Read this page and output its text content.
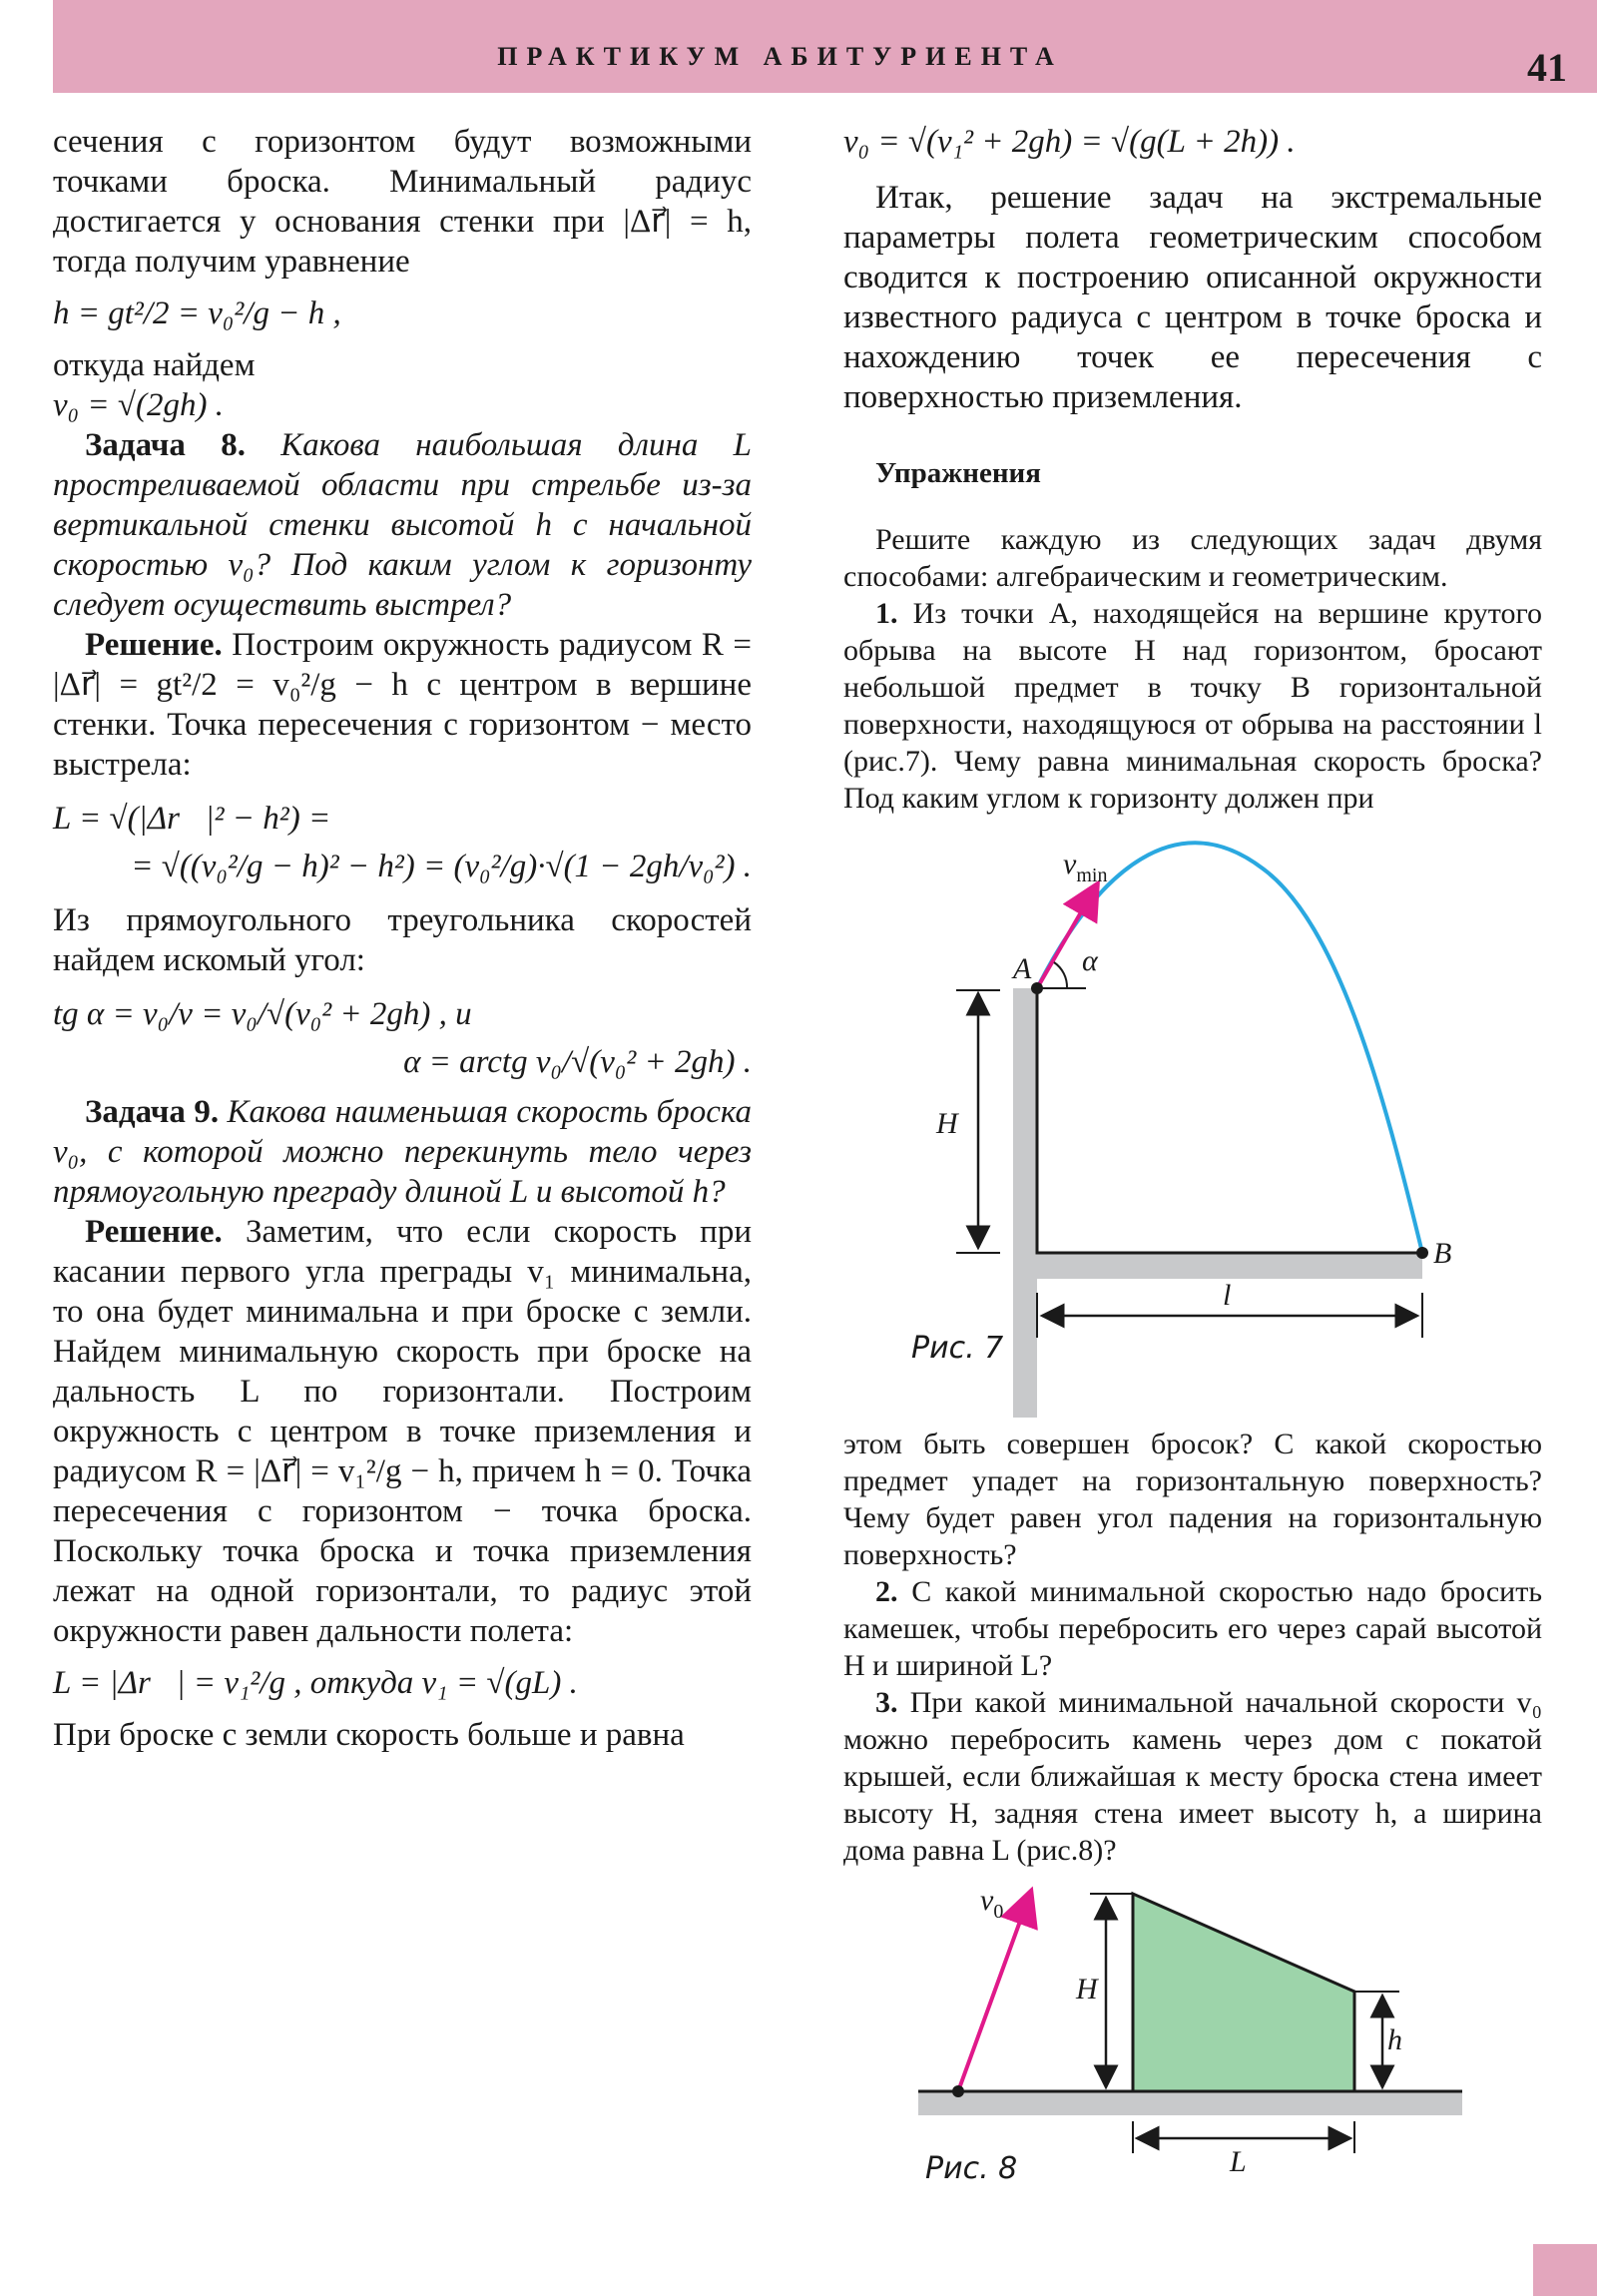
ПРАКТИКУМ АБИТУРИЕНТА	41

сечения с горизонтом будут возможными точками броска. Минимальный радиус достигается у основания стенки при |Δr⃗| = h, тогда получим уравнение

h = gt²/2 = v₀²/g − h ,

откуда найдем

v₀ = √(2gh) .

Задача 8. Какова наибольшая длина L простреливаемой области при стрельбе из-за вертикальной стенки высотой h с начальной скоростью v₀? Под каким углом к горизонту следует осуществить выстрел?

Решение. Построим окружность радиусом R = |Δr⃗| = gt²/2 = v₀²/g − h с центром в вершине стенки. Точка пересечения с горизонтом − место выстрела:

L = √(|Δr⃗|² − h²) =

= √((v₀²/g − h)² − h²) = (v₀²/g)·√(1 − 2gh/v₀²) .

Из прямоугольного треугольника скоростей найдем искомый угол:

tg α = v₀/v = v₀/√(v₀² + 2gh) , и

α = arctg v₀/√(v₀² + 2gh) .

Задача 9. Какова наименьшая скорость броска v₀, с которой можно перекинуть тело через прямоугольную преграду длиной L и высотой h?

Решение. Заметим, что если скорость при касании первого угла преграды v₁ минимальна, то она будет минимальна и при броске с земли. Найдем минимальную скорость при броске на дальность L по горизонтали. Построим окружность с центром в точке приземления и радиусом R = |Δr⃗| = v₁²/g − h, причем h = 0. Точка пересечения с горизонтом − точка броска. Поскольку точка броска и точка приземления лежат на одной горизонтали, то радиус этой окружности равен дальности полета:

L = |Δr⃗| = v₁²/g , откуда v₁ = √(gL) .

При броске с земли скорость больше и равна

v₀ = √(v₁² + 2gh) = √(g(L + 2h)) .

Итак, решение задач на экстремальные параметры полета геометрическим способом сводится к построению описанной окружности известного радиуса с центром в точке броска и нахождению точек ее пересечения с поверхностью приземления.

Упражнения

Решите каждую из следующих задач двумя способами: алгебраическим и геометрическим.

1. Из точки A, находящейся на вершине крутого обрыва на высоте H над горизонтом, бросают небольшой предмет в точку B горизонтальной поверхности, находящуюся от обрыва на расстоянии l (рис.7). Чему равна минимальная скорость броска? Под каким углом к горизонту должен при

$v_{min}$
A α
H
B
l
Рис. 7

этом быть совершен бросок? С какой скоростью предмет упадет на горизонтальную поверхность? Чему будет равен угол падения на горизонтальную поверхность?

2. С какой минимальной скоростью надо бросить камешек, чтобы перебросить его через сарай высотой H и шириной L?

3. При какой минимальной начальной скорости v₀ можно перебросить камень через дом с покатой крышей, если ближайшая к месту броска стена имеет высоту H, задняя стена имеет высоту h, а ширина дома равна L (рис.8)?

$v_0$
H
h
L
Рис. 8
